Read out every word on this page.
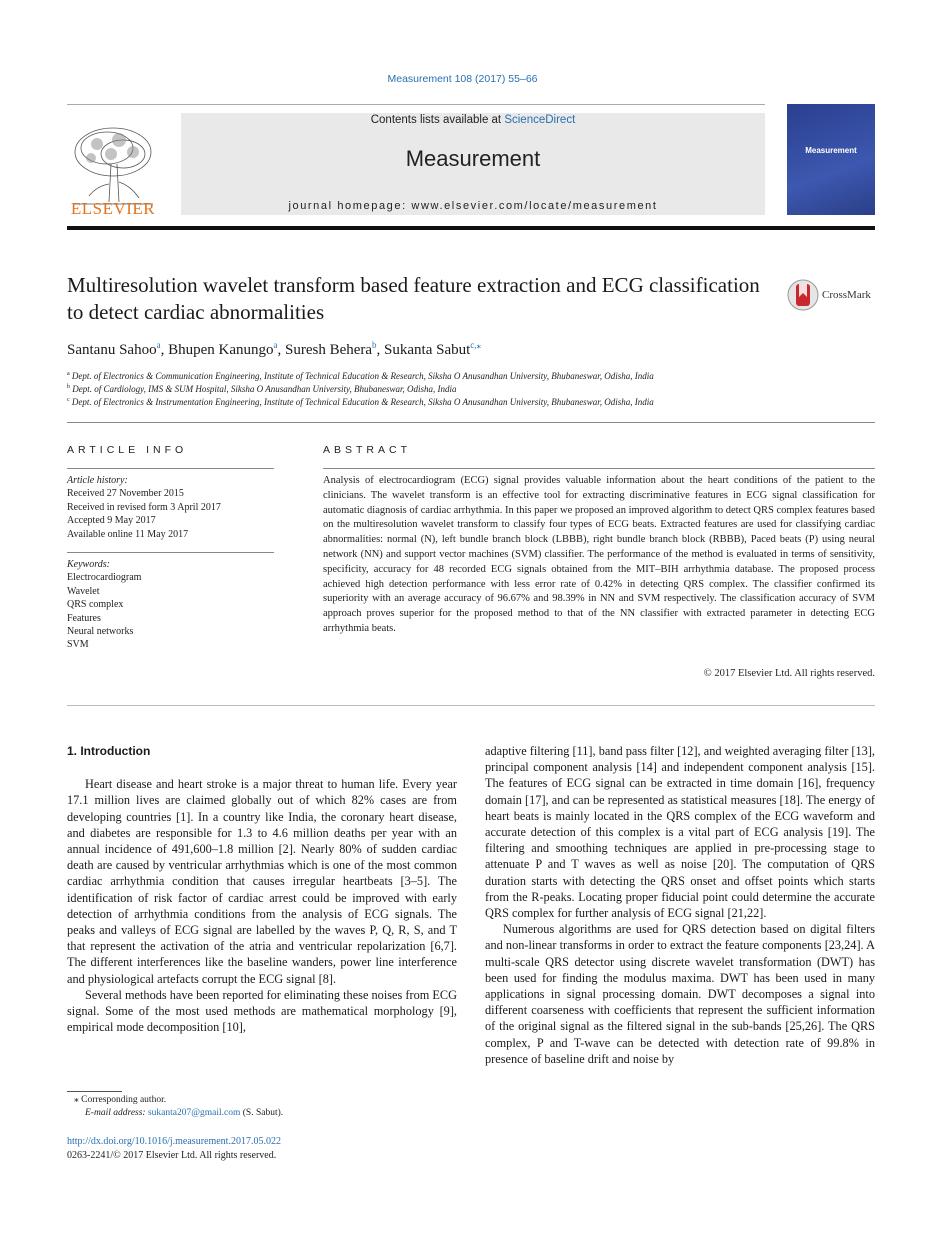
Measurement 108 (2017) 55–66
ELSEVIER
Contents lists available at ScienceDirect
Measurement
journal homepage: www.elsevier.com/locate/measurement
Measurement
Multiresolution wavelet transform based feature extraction and ECG classification to detect cardiac abnormalities
CrossMark
Santanu Sahoo$^a$, Bhupen Kanungo$^a$, Suresh Behera$^b$, Sukanta Sabut$^{c,⁎}$
$^a$ Dept. of Electronics & Communication Engineering, Institute of Technical Education & Research, Siksha O Anusandhan University, Bhubaneswar, Odisha, India
$^b$ Dept. of Cardiology, IMS & SUM Hospital, Siksha O Anusandhan University, Bhubaneswar, Odisha, India
$^c$ Dept. of Electronics & Instrumentation Engineering, Institute of Technical Education & Research, Siksha O Anusandhan University, Bhubaneswar, Odisha, India
ARTICLE INFO
Article history:
Received 27 November 2015
Received in revised form 3 April 2017
Accepted 9 May 2017
Available online 11 May 2017
Keywords:
Electrocardiogram
Wavelet
QRS complex
Features
Neural networks
SVM
ABSTRACT
Analysis of electrocardiogram (ECG) signal provides valuable information about the heart conditions of the patient to the clinicians. The wavelet transform is an effective tool for extracting discriminative features in ECG signal classification for automatic diagnosis of cardiac arrhythmia. In this paper we proposed an improved algorithm to detect QRS complex features based on the multiresolution wavelet transform to classify four types of ECG beats. Extracted features are used for classifying cardiac abnormalities: normal (N), left bundle branch block (LBBB), right bundle branch block (RBBB), Paced beats (P) using neural network (NN) and support vector machines (SVM) classifier. The performance of the method is evaluated in terms of sensitivity, specificity, accuracy for 48 recorded ECG signals obtained from the MIT–BIH arrhythmia database. The proposed process achieved high detection performance with less error rate of 0.42% in detecting QRS complex. The classifier confirmed its superiority with an average accuracy of 96.67% and 98.39% in NN and SVM respectively. The classification accuracy of SVM approach proves superior for the proposed method to that of the NN classifier with extracted parameter in detecting ECG arrhythmia beats.
© 2017 Elsevier Ltd. All rights reserved.

1. Introduction

Heart disease and heart stroke is a major threat to human life. Every year 17.1 million lives are claimed globally out of which 82% cases are from developing countries [1]. In a country like India, the coronary heart disease, and diabetes are responsible for 1.3 to 4.6 million deaths per year with an annual incidence of 491,600–1.8 million [2]. Nearly 80% of sudden cardiac death are caused by ventricular arrhythmias which is one of the most common cardiac arrhythmia condition that causes irregular heartbeats [3–5]. The identification of risk factor of cardiac arrest could be improved with early detection of arrhythmia conditions from the analysis of ECG signals. The peaks and valleys of ECG signal are labelled by the waves P, Q, R, S, and T that represent the activation of the atria and ventricular repolarization [6,7]. The different interferences like the baseline wanders, power line interference and physiological artefacts corrupt the ECG signal [8].

Several methods have been reported for eliminating these noises from ECG signal. Some of the most used methods are mathematical morphology [9], empirical mode decomposition [10],

adaptive filtering [11], band pass filter [12], and weighted averaging filter [13], principal component analysis [14] and independent component analysis [15]. The features of ECG signal can be extracted in time domain [16], frequency domain [17], and can be represented as statistical measures [18]. The energy of heart beats is mainly located in the QRS complex of the ECG waveform and accurate detection of this complex is a vital part of ECG analysis [19]. The filtering and smoothing techniques are applied in pre-processing stage to attenuate P and T waves as well as noise [20]. The computation of QRS duration starts with detecting the QRS onset and offset points which starts from the R-peaks. Locating proper fiducial point could determine the accurate QRS complex for further analysis of ECG signal [21,22].

Numerous algorithms are used for QRS detection based on digital filters and non-linear transforms in order to extract the feature components [23,24]. A multi-scale QRS detector using discrete wavelet transformation (DWT) has been used for finding the modulus maxima. DWT has been used in many applications in signal processing domain. DWT decomposes a signal into different coarseness with coefficients that represent the sufficient information of the original signal as the filtered signal in the sub-bands [25,26]. The QRS complex, P and T-wave can be detected with detection rate of 99.8% in presence of baseline drift and noise by

⁎ Corresponding author.
E-mail address: sukanta207@gmail.com (S. Sabut).
http://dx.doi.org/10.1016/j.measurement.2017.05.022
0263-2241/© 2017 Elsevier Ltd. All rights reserved.
